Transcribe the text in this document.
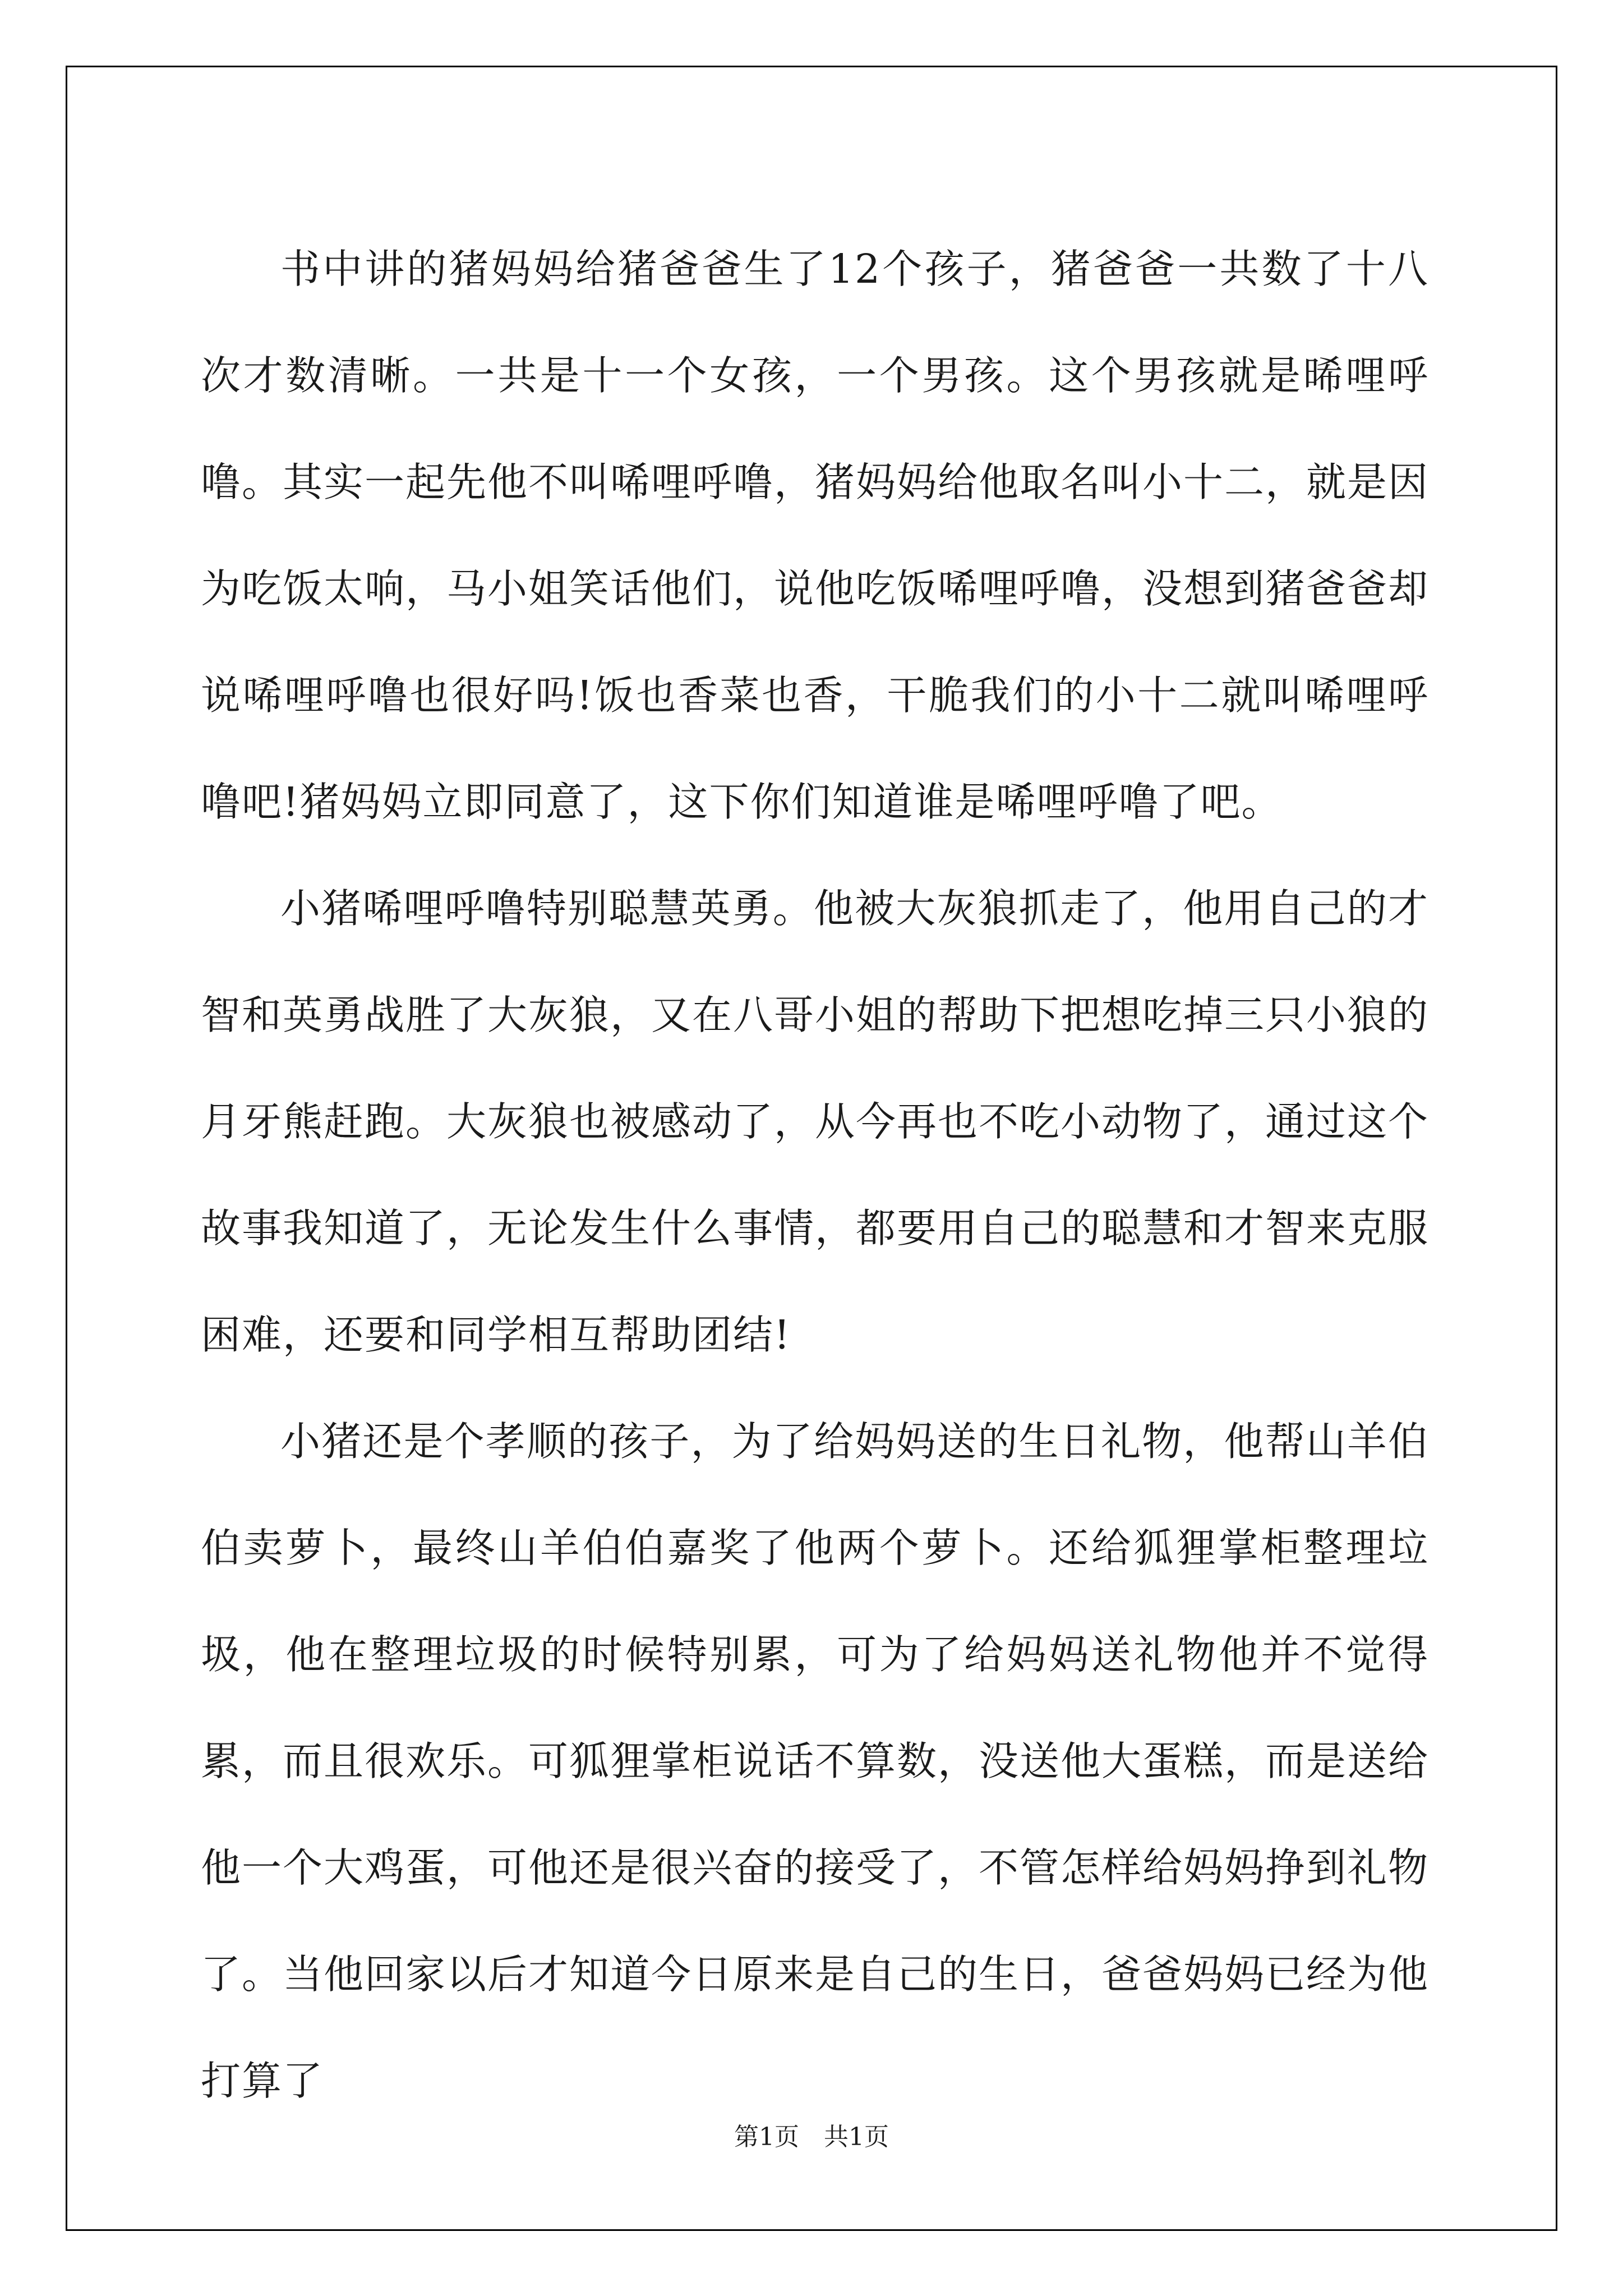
书中讲的猪妈妈给猪爸爸生了12个孩子，猪爸爸一共数了十八次才数清晰。一共是十一个女孩，一个男孩。这个男孩就是晞哩呼噜。其实一起先他不叫唏哩呼噜，猪妈妈给他取名叫小十二，就是因为吃饭太响，马小姐笑话他们，说他吃饭唏哩呼噜，没想到猪爸爸却说唏哩呼噜也很好吗!饭也香菜也香，干脆我们的小十二就叫唏哩呼噜吧!猪妈妈立即同意了，这下你们知道谁是唏哩呼噜了吧。

小猪唏哩呼噜特别聪慧英勇。他被大灰狼抓走了，他用自己的才智和英勇战胜了大灰狼，又在八哥小姐的帮助下把想吃掉三只小狼的月牙熊赶跑。大灰狼也被感动了，从今再也不吃小动物了，通过这个故事我知道了，无论发生什么事情，都要用自己的聪慧和才智来克服困难，还要和同学相互帮助团结!

小猪还是个孝顺的孩子，为了给妈妈送的生日礼物，他帮山羊伯伯卖萝卜，最终山羊伯伯嘉奖了他两个萝卜。还给狐狸掌柜整理垃圾，他在整理垃圾的时候特别累，可为了给妈妈送礼物他并不觉得累，而且很欢乐。可狐狸掌柜说话不算数，没送他大蛋糕，而是送给他一个大鸡蛋，可他还是很兴奋的接受了，不管怎样给妈妈挣到礼物了。当他回家以后才知道今日原来是自己的生日，爸爸妈妈已经为他打算了

第1页　共1页
